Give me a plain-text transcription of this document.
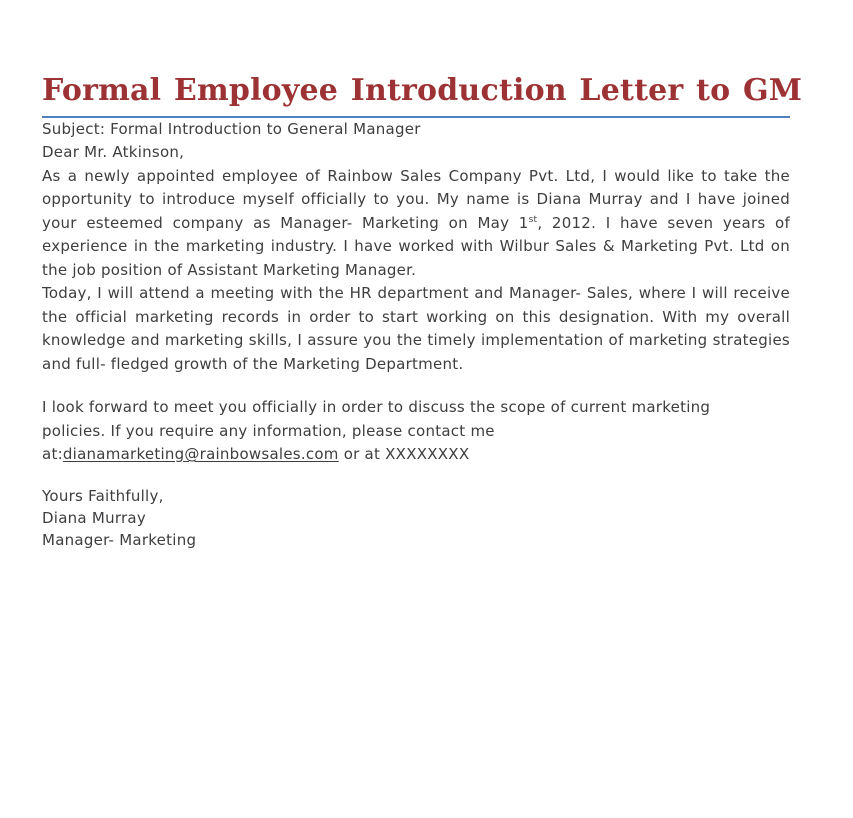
Formal Employee Introduction Letter to GM

Subject: Formal Introduction to General Manager

Dear Mr. Atkinson,

As a newly appointed employee of Rainbow Sales Company Pvt. Ltd, I would like to take the opportunity to introduce myself officially to you. My name is Diana Murray and I have joined your esteemed company as Manager- Marketing on May 1st, 2012. I have seven years of experience in the marketing industry. I have worked with Wilbur Sales & Marketing Pvt. Ltd on the job position of Assistant Marketing Manager.

Today, I will attend a meeting with the HR department and Manager- Sales, where I will receive the official marketing records in order to start working on this designation. With my overall knowledge and marketing skills, I assure you the timely implementation of marketing strategies and full- fledged growth of the Marketing Department.

I look forward to meet you officially in order to discuss the scope of current marketing
policies. If you require any information, please contact me
at:dianamarketing@rainbowsales.com or at XXXXXXXX

Yours Faithfully,

Diana Murray

Manager- Marketing
